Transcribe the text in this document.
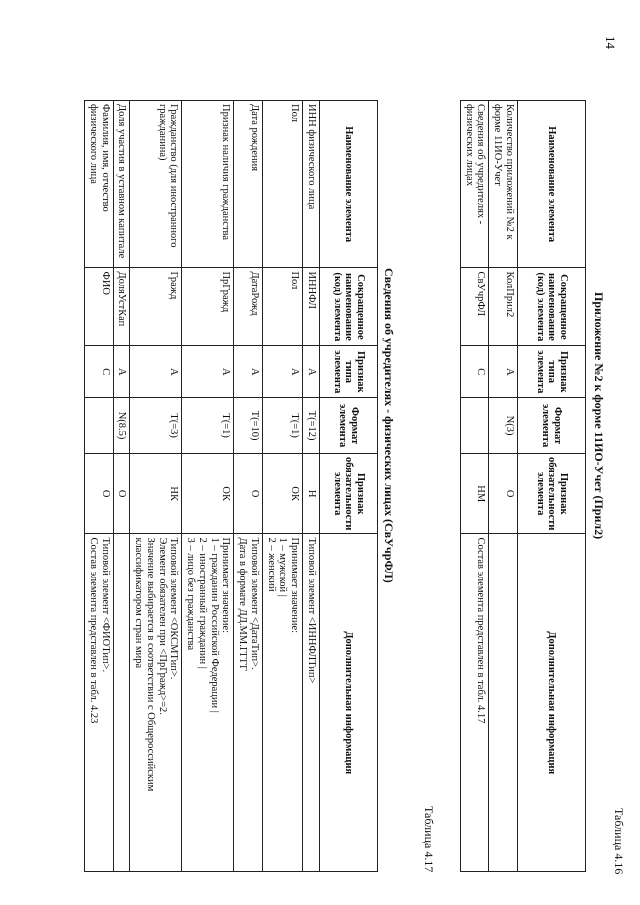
14
Таблица 4.16
Приложение №2 к форме 11ИО-Учет (Прил2)
Наименование элемента	Сокращенное наименование (код) элемента	Признак типа элемента	Формат элемента	Признак обязательности элемента	Дополнительная информация
Количество приложений №2 к форме 11ИО-Учет	КолПрил2	А	N(3)	О	
Сведения об учредителях - физических лицах	СвУчрФЛ	С		НМ	Состав элемента представлен в табл. 4.17
Таблица 4.17
Сведения об учредителях - физических лицах (СвУчрФЛ)
Наименование элемента	Сокращенное наименование (код) элемента	Признак типа элемента	Формат элемента	Признак обязательности элемента	Дополнительная информация
ИНН физического лица	ИННФЛ	А	T(=12)	Н	Типовой элемент <ИННФЛТип>
Пол	Пол	А	T(=1)	ОК	Принимает значение:
1 – мужской |
2 – женский
Дата рождения	ДатаРожд	А	T(=10)	О	Типовой элемент <ДатаТип>.
Дата в формате ДД.ММ.ГГГГ
Признак наличия гражданства	ПрГражд	А	T(=1)	ОК	Принимает значение:
1 – гражданин Российской Федерации |
2 – иностранный гражданин |
3 – лицо без гражданства
Гражданство (для иностранного гражданина)	Гражд	А	T(=3)	НК	Типовой элемент <ОКСМТип>.
Элемент обязателен при <ПрГражд>=2.
Значение выбирается в соответствии с Общероссийским классификатором стран мира
Доля участия в уставном капитале	ДоляУстКап	А	N(8.5)	О	
Фамилия, имя, отчество физического лица	ФИО	С		О	Типовой элемент <ФИОТип>.
Состав элемента представлен в табл. 4.23
